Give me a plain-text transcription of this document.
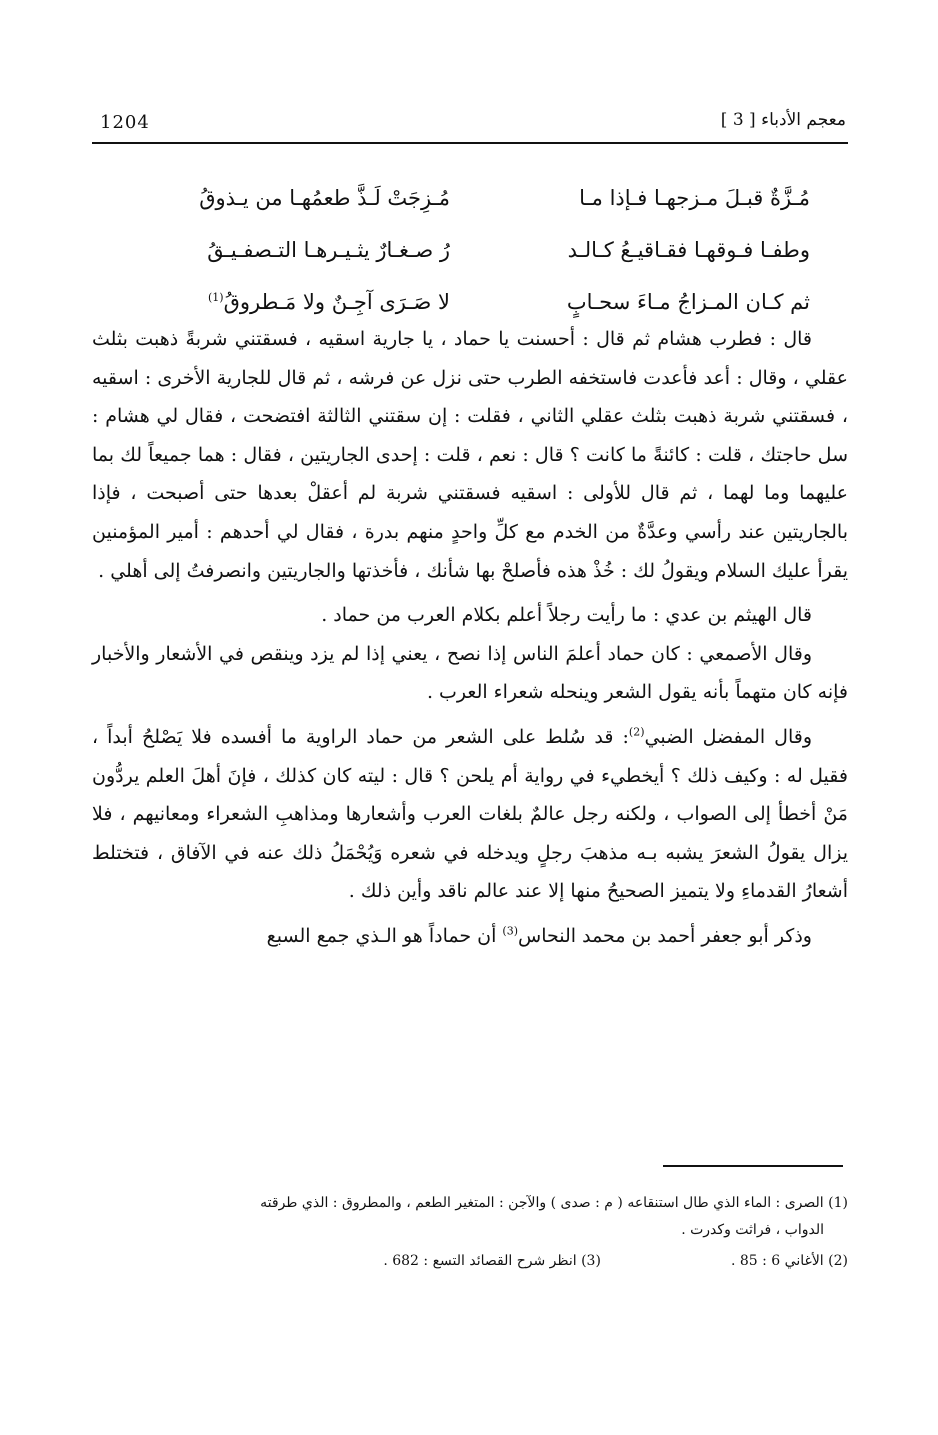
1204	معجم الأدباء [ 3 ]
مُـزَّةٌ قبـلَ مـزجهـا فـإذا مـا
مُـزِجَتْ لَـذَّ طعمُهـا من يـذوقُ
وطفـا فـوقهـا فقـاقيـعُ كـالـد
رُ صـغـارٌ يثـيـرهـا التـصفـيـقُ
ثم كـان المـزاجُ مـاءَ سحـابٍ
لا صَـرَى آجِـنٌ ولا مَـطروقُ$^{(1)}$

قال : فطرب هشام ثم قال : أحسنت يا حماد ، يا جارية اسقيه ، فسقتني شربةً ذهبت بثلث عقلي ، وقال : أعد فأعدت فاستخفه الطرب حتى نزل عن فرشه ، ثم قال للجارية الأخرى : اسقيه ، فسقتني شربة ذهبت بثلث عقلي الثاني ، فقلت : إن سقتني الثالثة افتضحت ، فقال لي هشام : سل حاجتك ، قلت : كائنةً ما كانت ؟ قال : نعم ، قلت : إحدى الجاريتين ، فقال : هما جميعاً لك بما عليهما وما لهما ، ثم قال للأولى : اسقيه فسقتني شربة لم أعقلْ بعدها حتى أصبحت ، فإذا بالجاريتين عند رأسي وعدَّةٌ من الخدم مع كلِّ واحدٍ منهم بدرة ، فقال لي أحدهم : أمير المؤمنين يقرأ عليك السلام ويقولُ لك : خُذْ هذه فأصلحْ بها شأنك ، فأخذتها والجاريتين وانصرفتُ إلى أهلي .

قال الهيثم بن عدي : ما رأيت رجلاً أعلم بكلام العرب من حماد .

وقال الأصمعي : كان حماد أعلمَ الناس إذا نصح ، يعني إذا لم يزد وينقص في الأشعار والأخبار فإنه كان متهماً بأنه يقول الشعر وينحله شعراء العرب .

وقال المفضل الضبي$^{(2)}$: قد سُلط على الشعر من حماد الراوية ما أفسده فلا يَصْلحُ أبداً ، فقيل له : وكيف ذلك ؟ أيخطيء في رواية أم يلحن ؟ قال : ليته كان كذلك ، فإنَ أهلَ العلم يردُّون مَنْ أخطأ إلى الصواب ، ولكنه رجل عالمٌ بلغات العرب وأشعارها ومذاهبِ الشعراء ومعانيهم ، فلا يزال يقولُ الشعرَ يشبه بـه مذهبَ رجلٍ ويدخله في شعره وَيُحْمَلُ ذلك عنه في الآفاق ، فتختلط أشعارُ القدماءِ ولا يتميز الصحيحُ منها إلا عند عالم ناقد وأين ذلك .

وذكر أبو جعفر أحمد بن محمد النحاس$^{(3)}$ أن حماداً هو الـذي جمع السبع

(1) الصرى : الماء الذي طال استنقاعه ( م : صدى ) والآجن : المتغير الطعم ، والمطروق : الذي طرقته

الدواب ، فراثت وكدرت .

(2) الأغاني 6 : 85 .
(3) انظر شرح القصائد التسع : 682 .
